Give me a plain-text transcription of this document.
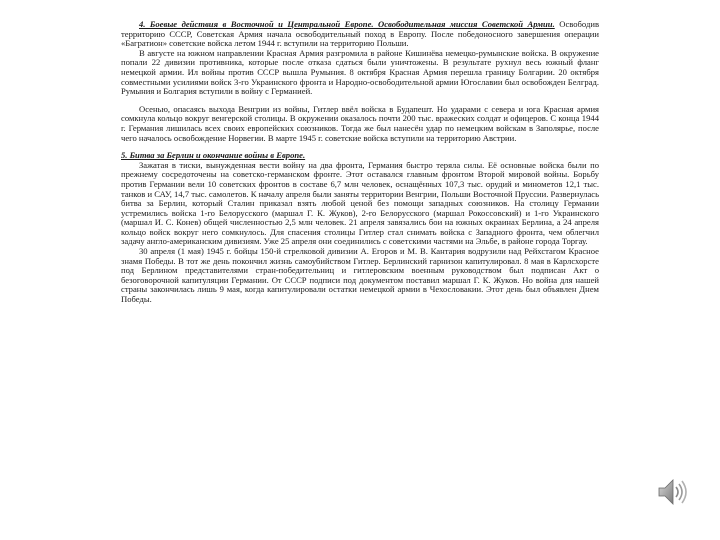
4. Боевые действия в Восточной и Центральной Европе. Освободительная миссия Советской Армии. Освободив территорию СССР, Советская Армия начала освободительный поход в Европу. После победоносного завершения операции «Багратион» советские войска летом 1944 г. вступили на территорию Польши.

В августе на южном направлении Красная Армия разгромила в районе Кишинёва немецко-румынские войска. В окружение попали 22 дивизии противника, которые после отказа сдаться были уничтожены. В результате рухнул весь южный фланг немецкой армии. Ил войны против СССР вышла Румыния. 8 октября Красная Армия перешла границу Болгарии. 20 октября совместными усилиями войск 3-го Украинского фронта и Народно-освободительной армии Югославии был освобожден Белград. Румыния и Болгария вступили в войну с Германией.

Осенью, опасаясь выхода Венгрии из войны, Гитлер ввёл войска в Будапешт. Но ударами с севера и юга Красная армия сомкнула кольцо вокруг венгерской столицы. В окружении оказалось почти 200 тыс. вражеских солдат и офицеров. С конца 1944 г. Германия лишилась всех своих европейских союзников. Тогда же был нанесён удар по немецким войскам в Заполярье, после чего началось освобождение Норвегии. В марте 1945 г. советские войска вступили на территорию Австрии.

5. Битва за Берлин и окончание войны в Европе.

Зажатая в тиски, вынужденная вести войну на два фронта, Германия быстро теряла силы. Её основные войска были по прежнему сосредоточены на советско-германском фронте. Этот оставался главным фронтом Второй мировой войны. Борьбу против Германии вели 10 советских фронтов в составе 6,7 млн человек, оснащённых 107,3 тыс. орудий и минометов 12,1 тыс. танков и САУ, 14,7 тыс. самолетов. К началу апреля были заняты территории Венгрии, Польши Восточной Пруссии. Развернулась битва за Берлин, который Сталин приказал взять любой ценой без помощи западных союзников. На столицу Германии устремились войска 1-го Белорусского (маршал Г. К. Жуков), 2-го Белорусского (маршал Рокоссовский) и 1-го Украинского (маршал И. С. Конев) общей численностью 2,5 млн человек. 21 апреля завязались бои на южных окраинах Берлина, а 24 апреля кольцо войск вокруг него сомкнулось. Для спасения столицы Гитлер стал снимать войска с Западного фронта, чем облегчил задачу англо-американским дивизиям. Уже 25 апреля они соединились с советскими частями на Эльбе, в районе города Торгау.

30 апреля (1 мая) 1945 г. бойцы 150-й стрелковой дивизии А. Егоров и М. В. Кантария водрузили над Рейхстагом Красное знамя Победы. В тот же день покончил жизнь самоубийством Гитлер. Берлинский гарнизон капитулировал. 8 мая в Карлсхорсте под Берлином представителями стран-победительниц и гитлеровским военным руководством был подписан Акт о безоговорочной капитуляции Германии. От СССР подписи под документом поставил маршал Г. К. Жуков. Но война для нашей страны закончилась лишь 9 мая, когда капитулировали остатки немецкой армии в Чехословакии. Этот день был объявлен Днем Победы.
